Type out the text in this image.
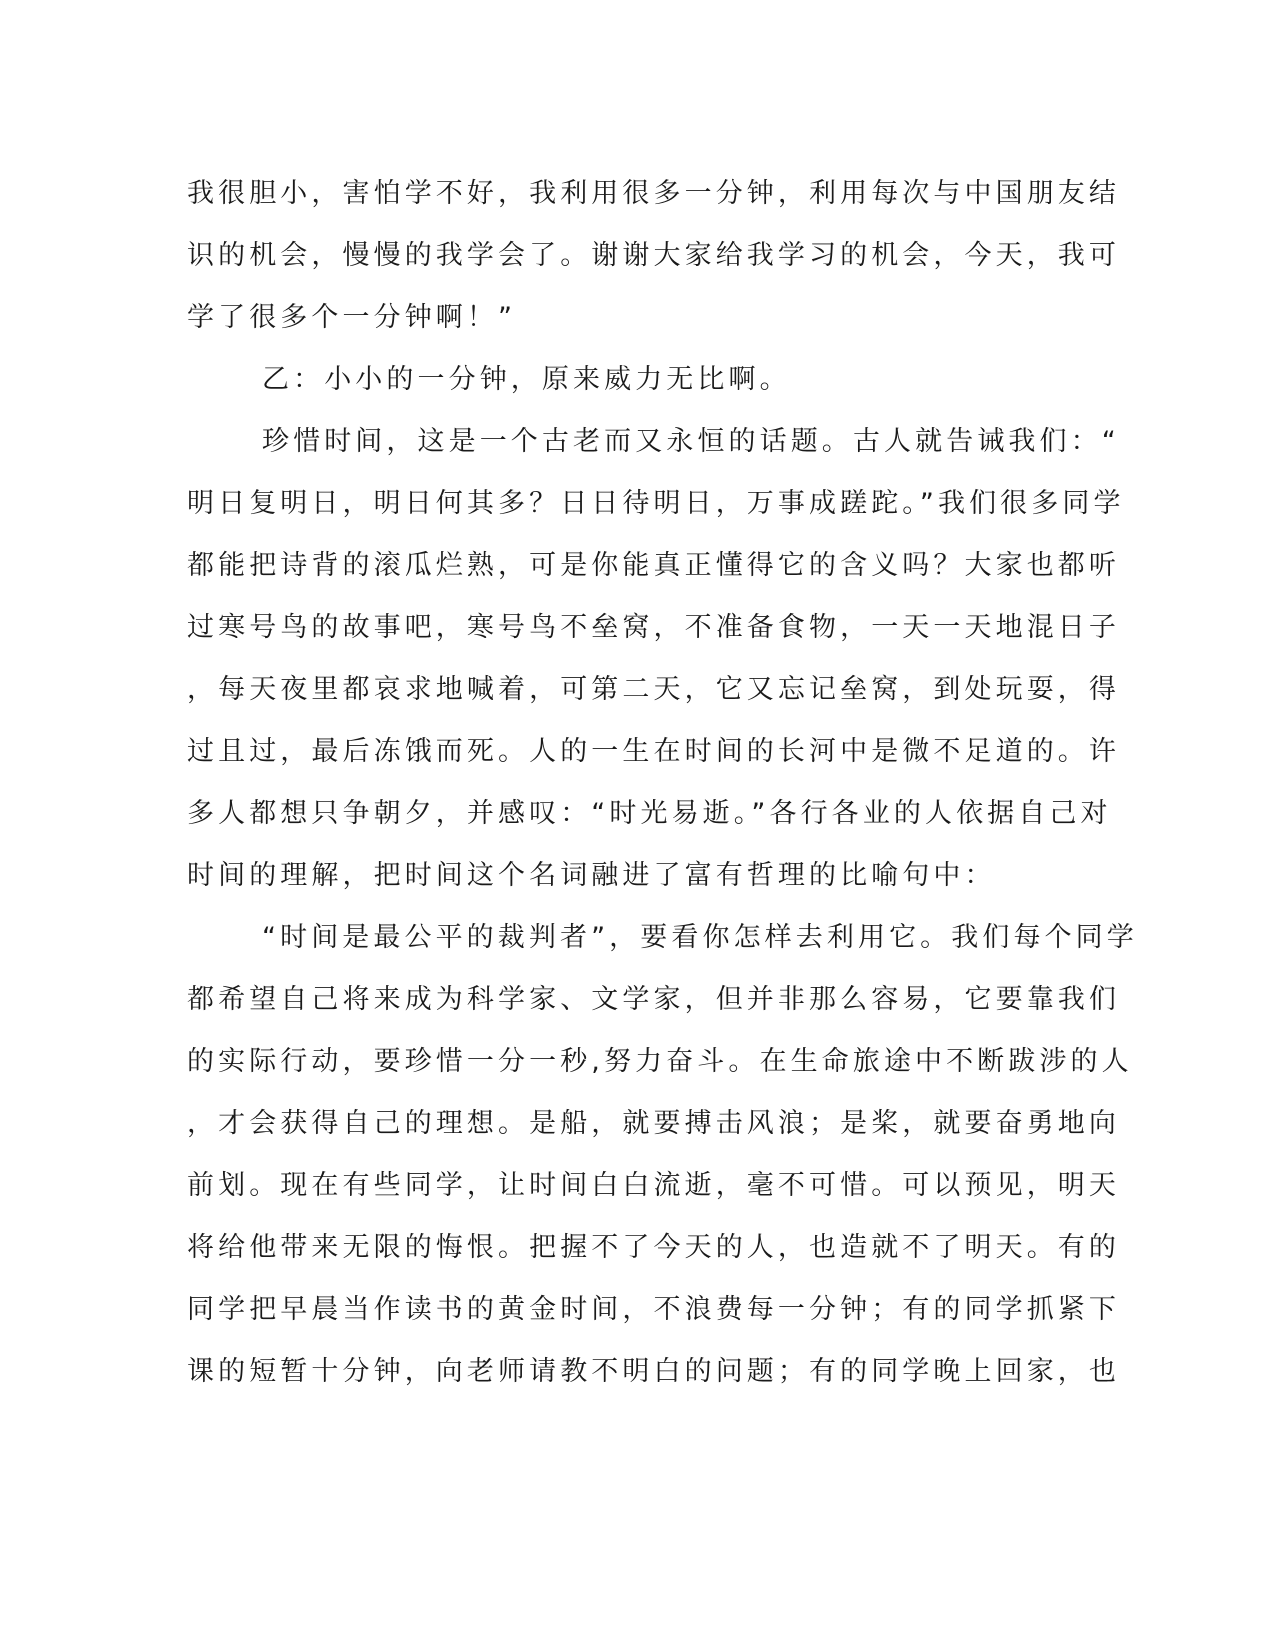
我很胆小，害怕学不好，我利用很多一分钟，利用每次与中国朋友结
识的机会，慢慢的我学会了。谢谢大家给我学习的机会，今天，我可
学了很多个一分钟啊！”
乙：小小的一分钟，原来威力无比啊。
珍惜时间，这是一个古老而又永恒的话题。古人就告诫我们：“
明日复明日，明日何其多？日日待明日，万事成蹉跎。”我们很多同学
都能把诗背的滚瓜烂熟，可是你能真正懂得它的含义吗？大家也都听
过寒号鸟的故事吧，寒号鸟不垒窝，不准备食物，一天一天地混日子
，每天夜里都哀求地喊着，可第二天，它又忘记垒窝，到处玩耍，得
过且过，最后冻饿而死。人的一生在时间的长河中是微不足道的。许
多人都想只争朝夕，并感叹：“时光易逝。”各行各业的人依据自己对
时间的理解，把时间这个名词融进了富有哲理的比喻句中：
“时间是最公平的裁判者”，要看你怎样去利用它。我们每个同学
都希望自己将来成为科学家、文学家，但并非那么容易，它要靠我们
的实际行动，要珍惜一分一秒,努力奋斗。在生命旅途中不断跋涉的人
，才会获得自己的理想。是船，就要搏击风浪；是桨，就要奋勇地向
前划。现在有些同学，让时间白白流逝，毫不可惜。可以预见，明天
将给他带来无限的悔恨。把握不了今天的人，也造就不了明天。有的
同学把早晨当作读书的黄金时间，不浪费每一分钟；有的同学抓紧下
课的短暂十分钟，向老师请教不明白的问题；有的同学晚上回家，也
